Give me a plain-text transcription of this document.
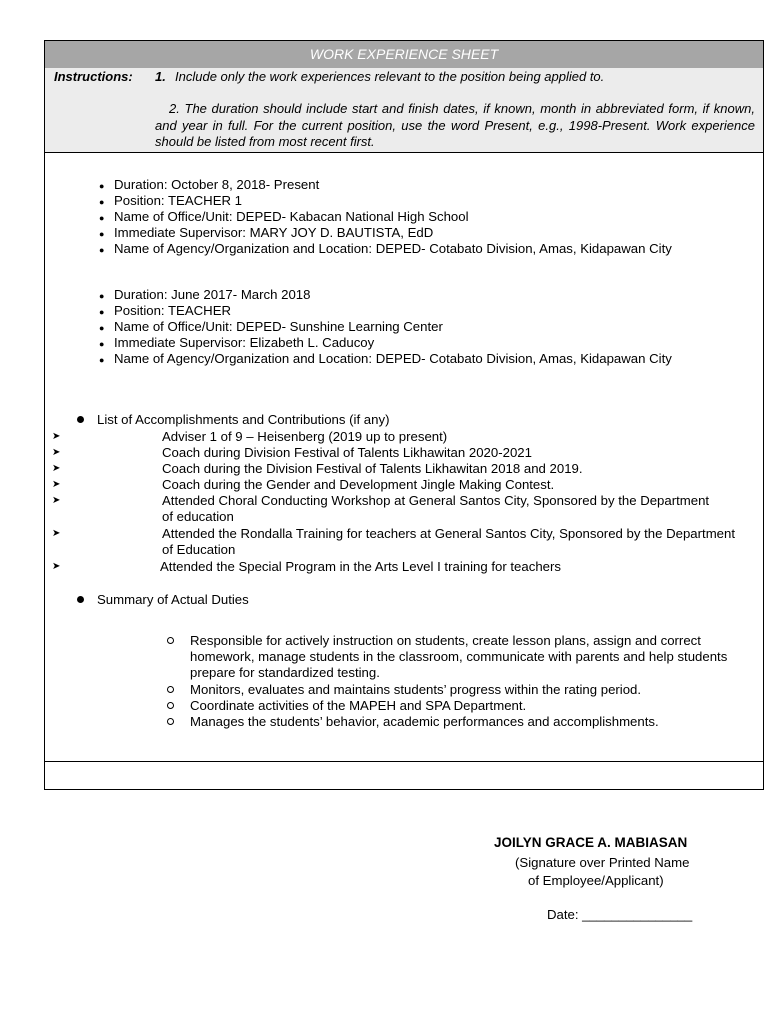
WORK EXPERIENCE SHEET
Instructions: 1. Include only the work experiences relevant to the position being applied to.
2. The duration should include start and finish dates, if known, month in abbreviated form, if known, and year in full. For the current position, use the word Present, e.g., 1998-Present. Work experience should be listed from most recent first.
● Duration: October 8, 2018- Present
● Position: TEACHER 1
● Name of Office/Unit: DEPED- Kabacan National High School
● Immediate Supervisor: MARY JOY D. BAUTISTA, EdD
● Name of Agency/Organization and Location: DEPED- Cotabato Division, Amas, Kidapawan City
● Duration: June 2017- March 2018
● Position: TEACHER
● Name of Office/Unit: DEPED- Sunshine Learning Center
● Immediate Supervisor: Elizabeth L. Caducoy
● Name of Agency/Organization and Location: DEPED- Cotabato Division, Amas, Kidapawan City
List of Accomplishments and Contributions (if any)
➤	Adviser 1 of 9 – Heisenberg (2019 up to present)
➤	Coach during Division Festival of Talents Likhawitan 2020-2021
➤	Coach during the Division Festival of Talents Likhawitan 2018 and 2019.
➤	Coach during the Gender and Development Jingle Making Contest.
➤	Attended Choral Conducting Workshop at General Santos City, Sponsored by the Department of education
➤	Attended the Rondalla Training for teachers at General Santos City, Sponsored by the Department of Education
➤	Attended the Special Program in the Arts Level I training for teachers
Summary of Actual Duties
Responsible for actively instruction on students, create lesson plans, assign and correct homework, manage students in the classroom, communicate with parents and help students prepare for standardized testing.
Monitors, evaluates and maintains students’ progress within the rating period.
Coordinate activities of the MAPEH and SPA Department.
Manages the students’ behavior, academic performances and accomplishments.
JOILYN GRACE A. MABIASAN
(Signature over Printed Name
of Employee/Applicant)
Date: _______________
